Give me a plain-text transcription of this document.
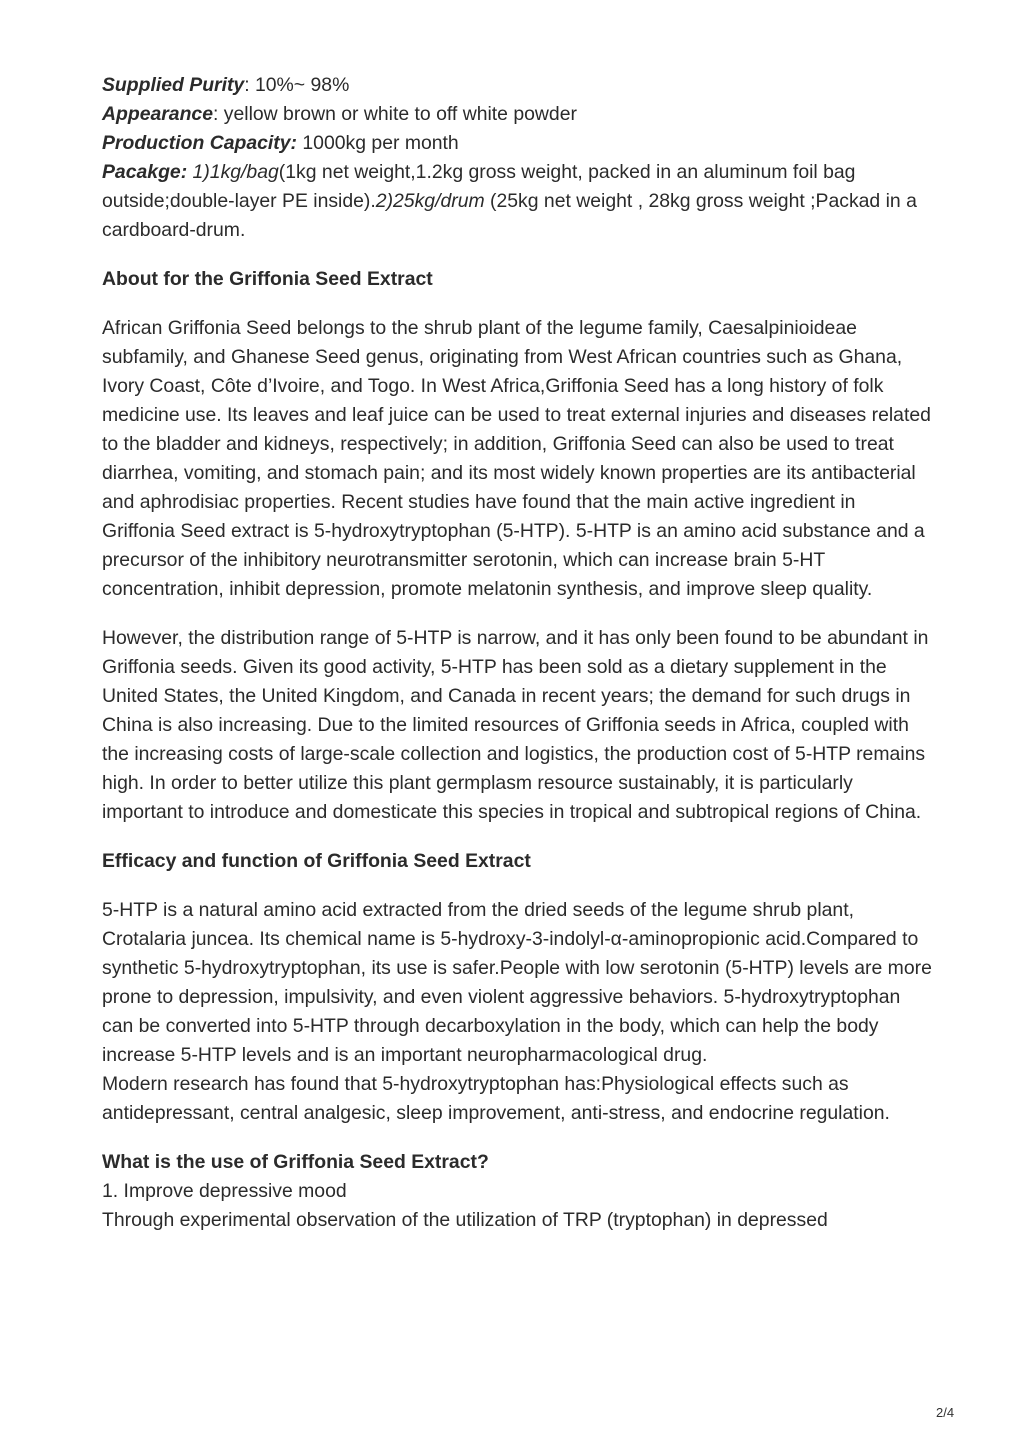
Supplied Purity: 10%~ 98%
Appearance: yellow brown or white to off white powder
Production Capacity: 1000kg per month
Pacakge: 1)1kg/bag(1kg net weight,1.2kg gross weight, packed in an aluminum foil bag outside;double-layer PE inside).2)25kg/drum (25kg net weight , 28kg gross weight ;Packad in a cardboard-drum.
About for the Griffonia Seed Extract

African Griffonia Seed belongs to the shrub plant of the legume family, Caesalpinioideae subfamily, and Ghanese Seed genus, originating from West African countries such as Ghana, Ivory Coast, Côte d’Ivoire, and Togo. In West Africa,Griffonia Seed has a long history of folk medicine use. Its leaves and leaf juice can be used to treat external injuries and diseases related to the bladder and kidneys, respectively; in addition, Griffonia Seed can also be used to treat diarrhea, vomiting, and stomach pain; and its most widely known properties are its antibacterial and aphrodisiac properties. Recent studies have found that the main active ingredient in Griffonia Seed extract is 5-hydroxytryptophan (5-HTP). 5-HTP is an amino acid substance and a precursor of the inhibitory neurotransmitter serotonin, which can increase brain 5-HT concentration, inhibit depression, promote melatonin synthesis, and improve sleep quality.

However, the distribution range of 5-HTP is narrow, and it has only been found to be abundant in Griffonia seeds. Given its good activity, 5-HTP has been sold as a dietary supplement in the United States, the United Kingdom, and Canada in recent years; the demand for such drugs in China is also increasing. Due to the limited resources of Griffonia seeds in Africa, coupled with the increasing costs of large-scale collection and logistics, the production cost of 5-HTP remains high. In order to better utilize this plant germplasm resource sustainably, it is particularly important to introduce and domesticate this species in tropical and subtropical regions of China.

Efficacy and function of Griffonia Seed Extract

5-HTP is a natural amino acid extracted from the dried seeds of the legume shrub plant, Crotalaria juncea. Its chemical name is 5-hydroxy-3-indolyl-α-aminopropionic acid.Compared to synthetic 5-hydroxytryptophan, its use is safer.People with low serotonin (5-HTP) levels are more prone to depression, impulsivity, and even violent aggressive behaviors. 5-hydroxytryptophan can be converted into 5-HTP through decarboxylation in the body, which can help the body increase 5-HTP levels and is an important neuropharmacological drug.

Modern research has found that 5-hydroxytryptophan has:Physiological effects such as antidepressant, central analgesic, sleep improvement, anti-stress, and endocrine regulation.

What is the use of Griffonia Seed Extract?
1. Improve depressive mood
Through experimental observation of the utilization of TRP (tryptophan) in depressed
2/4
